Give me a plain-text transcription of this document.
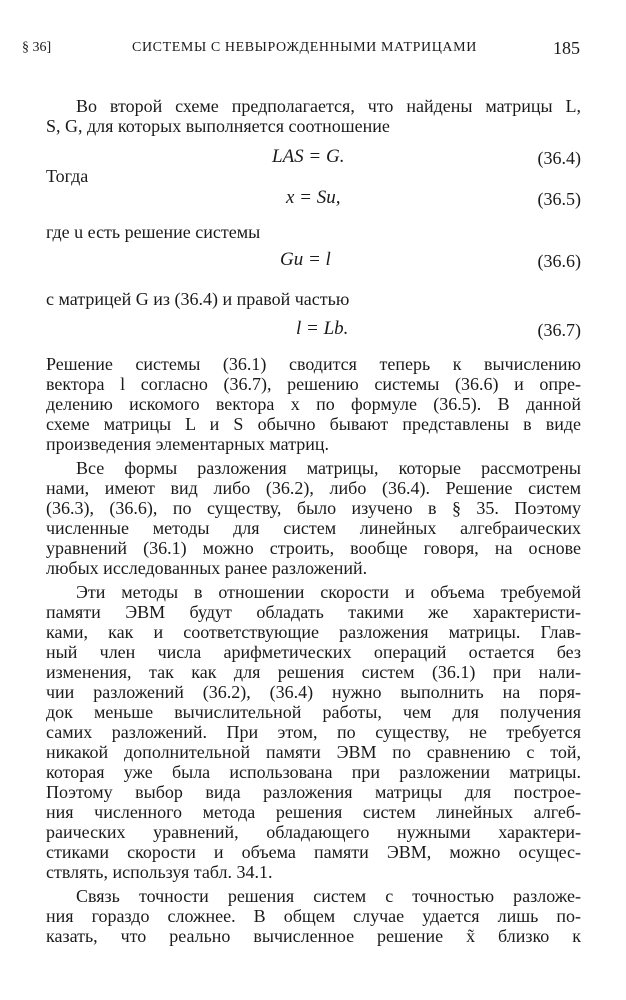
§ 36]	СИСТЕМЫ С НЕВЫРОЖДЕННЫМИ МАТРИЦАМИ	185
Во второй схеме предполагается, что найдены матрицы L,
S, G, для которых выполняется соотношение
LAS = G.	(36.4)
Тогда
x = Su,	(36.5)
где u есть решение системы
Gu = l	(36.6)
с матрицей G из (36.4) и правой частью
l = Lb.	(36.7)
Решение системы (36.1) сводится теперь к вычислению
вектора l согласно (36.7), решению системы (36.6) и опре-
делению искомого вектора x по формуле (36.5). В данной
схеме матрицы L и S обычно бывают представлены в виде
произведения элементарных матриц.
Все формы разложения матрицы, которые рассмотрены
нами, имеют вид либо (36.2), либо (36.4). Решение систем
(36.3), (36.6), по существу, было изучено в § 35. Поэтому
численные методы для систем линейных алгебраических
уравнений (36.1) можно строить, вообще говоря, на основе
любых исследованных ранее разложений.
Эти методы в отношении скорости и объема требуемой
памяти ЭВМ будут обладать такими же характеристи-
ками, как и соответствующие разложения матрицы. Глав-
ный член числа арифметических операций остается без
изменения, так как для решения систем (36.1) при нали-
чии разложений (36.2), (36.4) нужно выполнить на поря-
док меньше вычислительной работы, чем для получения
самих разложений. При этом, по существу, не требуется
никакой дополнительной памяти ЭВМ по сравнению с той,
которая уже была использована при разложении матрицы.
Поэтому выбор вида разложения матрицы для построе-
ния численного метода решения систем линейных алгеб-
раических уравнений, обладающего нужными характери-
стиками скорости и объема памяти ЭВМ, можно осущес-
ствлять, используя табл. 34.1.
Связь точности решения систем с точностью разложе-
ния гораздо сложнее. В общем случае удается лишь по-
казать, что реально вычисленное решение x̃ близко к
